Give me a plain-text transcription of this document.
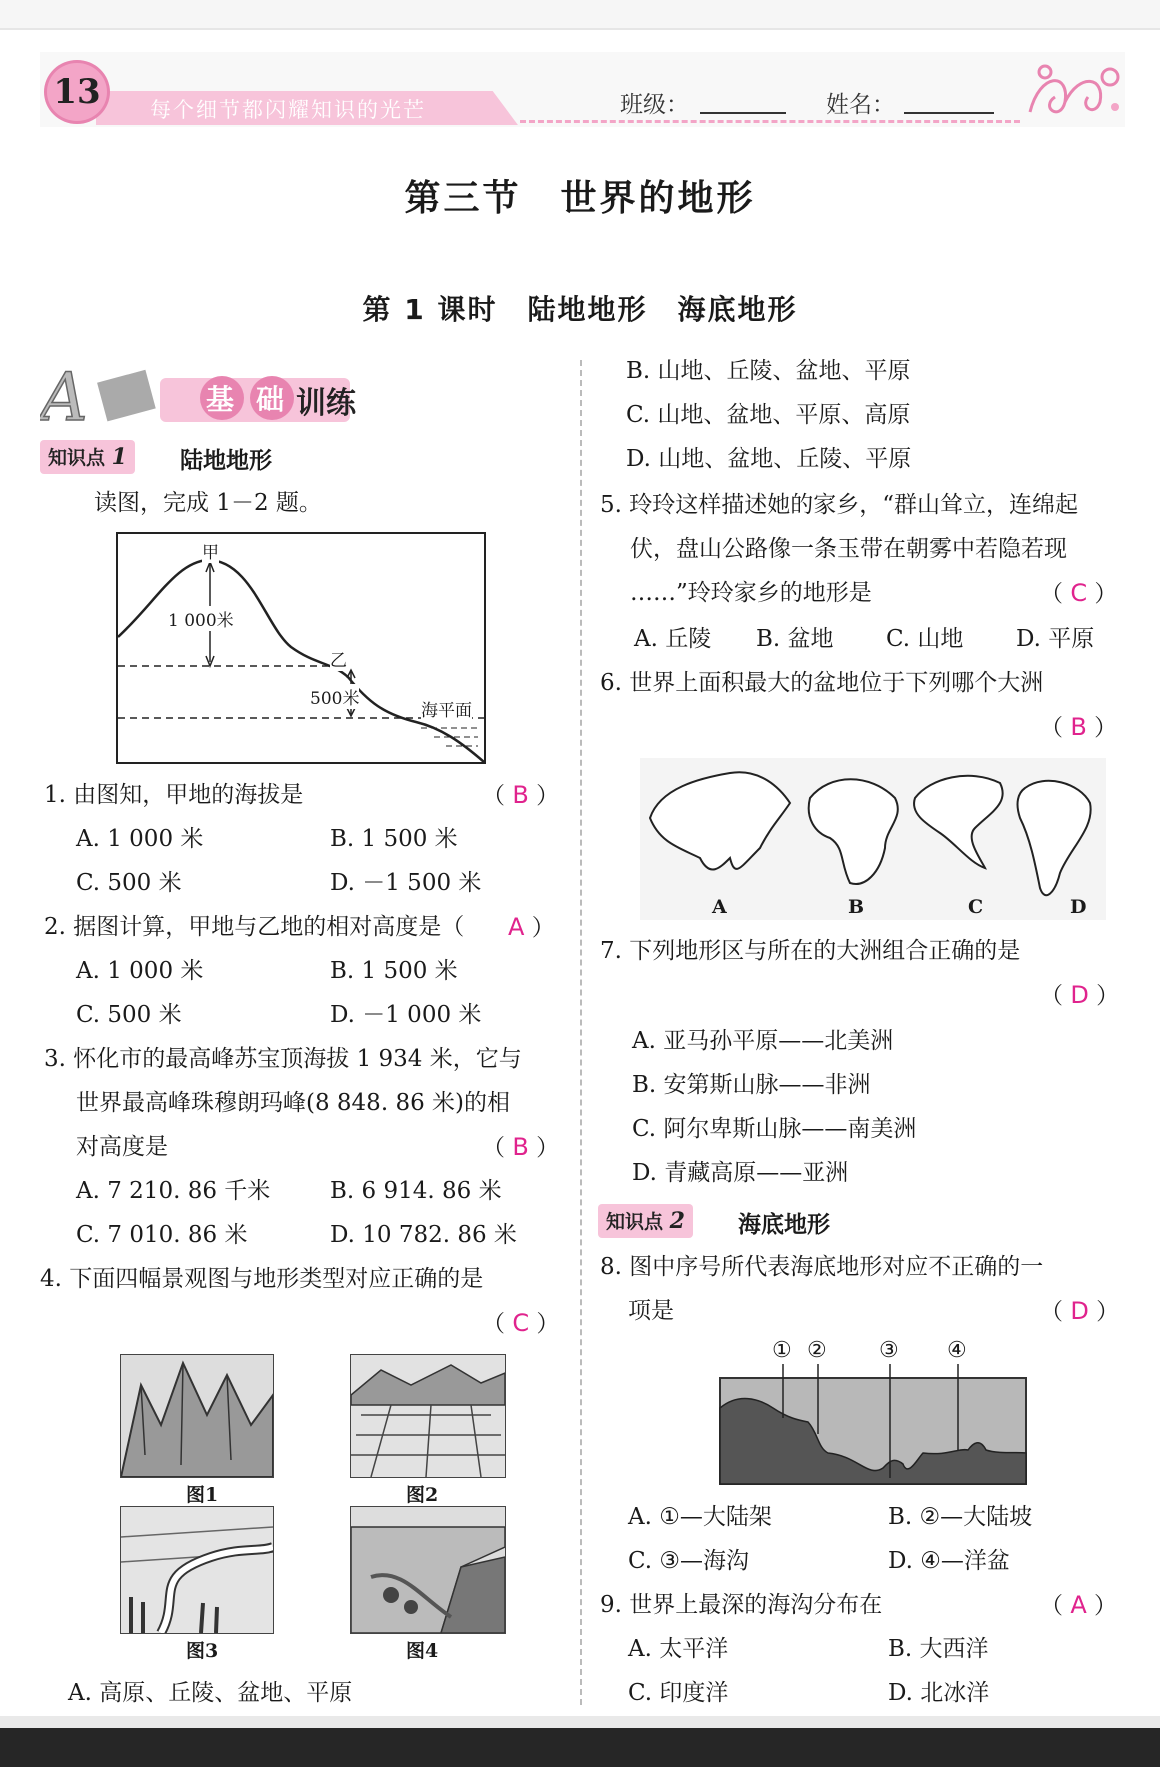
13	每个细节都闪耀知识的光芒	班级：	姓名：
第三节　世界的地形
第 1 课时　陆地地形　海底地形
A	基 础 训练
知识点 1	陆地地形
读图，完成 1－2 题。
甲
1 000米
乙
500米
海平面
1. 由图知，甲地的海拔是	（ B ）
A. 1 000 米	B. 1 500 米
C. 500 米	D. －1 500 米
2. 据图计算，甲地与乙地的相对高度是（ A ）
A. 1 000 米	B. 1 500 米
C. 500 米	D. －1 000 米
3. 怀化市的最高峰苏宝顶海拔 1 934 米，它与
世界最高峰珠穆朗玛峰(8 848. 86 米)的相
对高度是	（ B ）
A. 7 210. 86 千米	B. 6 914. 86 米
C. 7 010. 86 米	D. 10 782. 86 米
4. 下面四幅景观图与地形类型对应正确的是
（ C ）
图1	图2
图3	图4
A. 高原、丘陵、盆地、平原
B. 山地、丘陵、盆地、平原
C. 山地、盆地、平原、高原
D. 山地、盆地、丘陵、平原
5. 玲玲这样描述她的家乡，“群山耸立，连绵起
伏，盘山公路像一条玉带在朝雾中若隐若现
……”玲玲家乡的地形是	（ C ）
A. 丘陵 B. 盆地 C. 山地 D. 平原
6. 世界上面积最大的盆地位于下列哪个大洲
（ B ）
A	B	C	D
7. 下列地形区与所在的大洲组合正确的是
（ D ）
A. 亚马孙平原——北美洲
B. 安第斯山脉——非洲
C. 阿尔卑斯山脉——南美洲
D. 青藏高原——亚洲
知识点 2	海底地形
8. 图中序号所代表海底地形对应不正确的一
项是	（ D ）
① ② ③ ④
A. ①—大陆架	B. ②—大陆坡
C. ③—海沟	D. ④—洋盆
9. 世界上最深的海沟分布在	（ A ）
A. 太平洋	B. 大西洋
C. 印度洋	D. 北冰洋
